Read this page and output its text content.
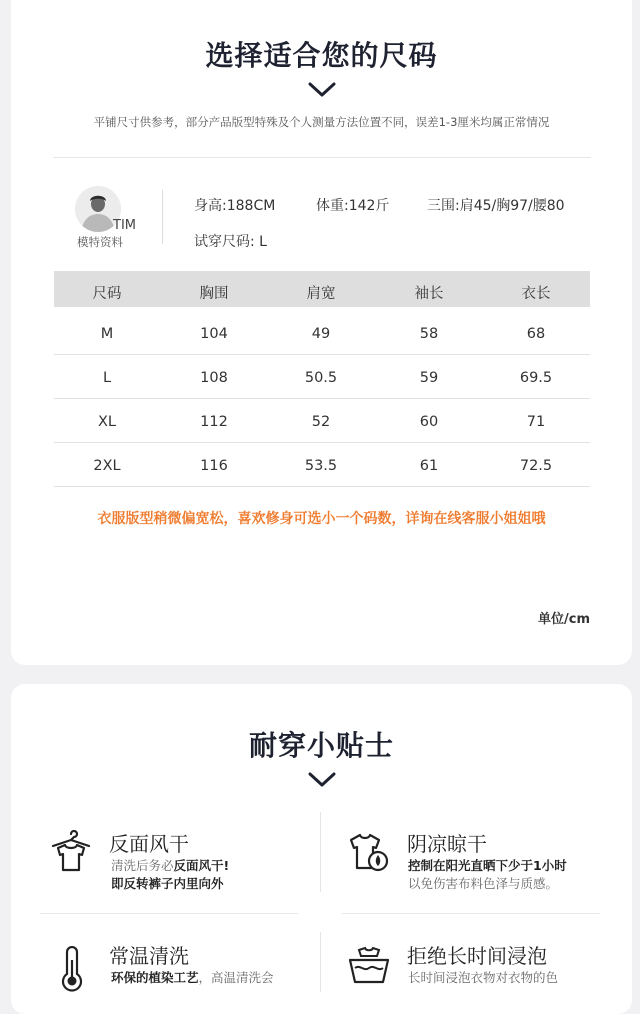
选择适合您的尺码
平铺尺寸供参考，部分产品版型特殊及个人测量方法位置不同，误差1-3厘米均属正常情况
TIM
模特资料
身高:188CM	体重:142斤	三围:肩45/胸97/腰80
试穿尺码: L
尺码	胸围	肩宽	袖长	衣长
M	104	49	58	68
L	108	50.5	59	69.5
XL	112	52	60	71
2XL	116	53.5	61	72.5
衣服版型稍微偏宽松，喜欢修身可选小一个码数，详询在线客服小姐姐哦
单位/cm
耐穿小贴士
反面风干
清洗后务必反面风干!
即反转裤子内里向外
阴凉晾干
控制在阳光直晒下少于1小时
以免伤害布料色泽与质感。
常温清洗
环保的植染工艺，高温清洗会
拒绝长时间浸泡
长时间浸泡衣物对衣物的色
